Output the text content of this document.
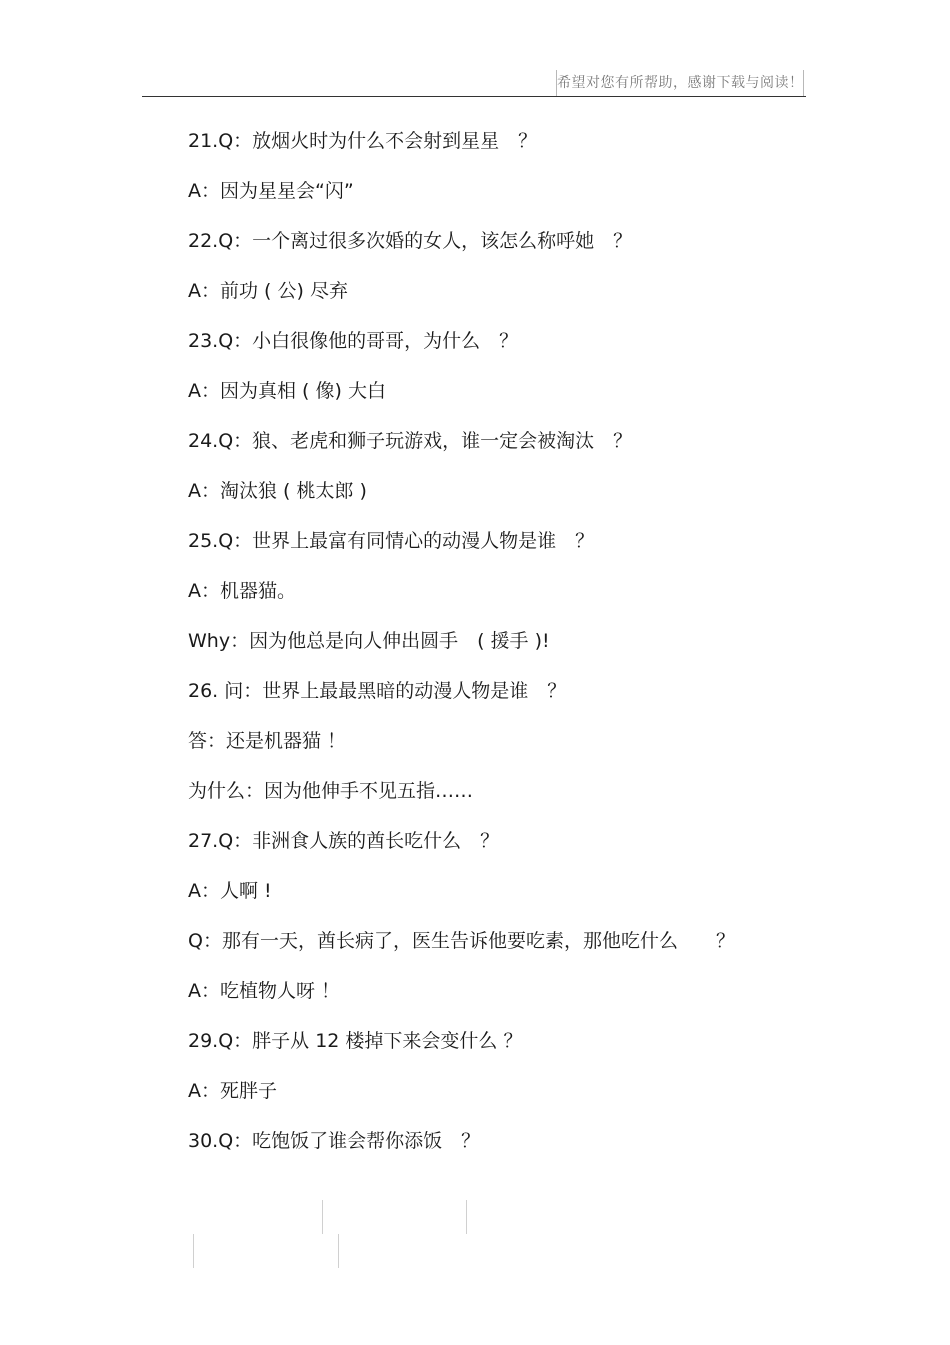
希望对您有所帮助，感谢下载与阅读！
21.Q：放烟火时为什么不会射到星星　？
A：因为星星会“闪”
22.Q：一个离过很多次婚的女人，该怎么称呼她　？
A：前功 ( 公) 尽弃
23.Q：小白很像他的哥哥，为什么　？
A：因为真相 ( 像) 大白
24.Q：狼、老虎和狮子玩游戏，谁一定会被淘汰　？
A：淘汰狼 ( 桃太郎 )
25.Q：世界上最富有同情心的动漫人物是谁　？
A：机器猫。
Why：因为他总是向人伸出圆手　( 援手 )!
26. 问：世界上最最黑暗的动漫人物是谁　？
答：还是机器猫 ！
为什么：因为他伸手不见五指……
27.Q：非洲食人族的酋长吃什么　？
A：人啊 !
Q：那有一天，酋长病了，医生告诉他要吃素，那他吃什么　　？
A：吃植物人呀 ！
29.Q：胖子从 12 楼掉下来会变什么 ？
A：死胖子
30.Q：吃饱饭了谁会帮你添饭　？
